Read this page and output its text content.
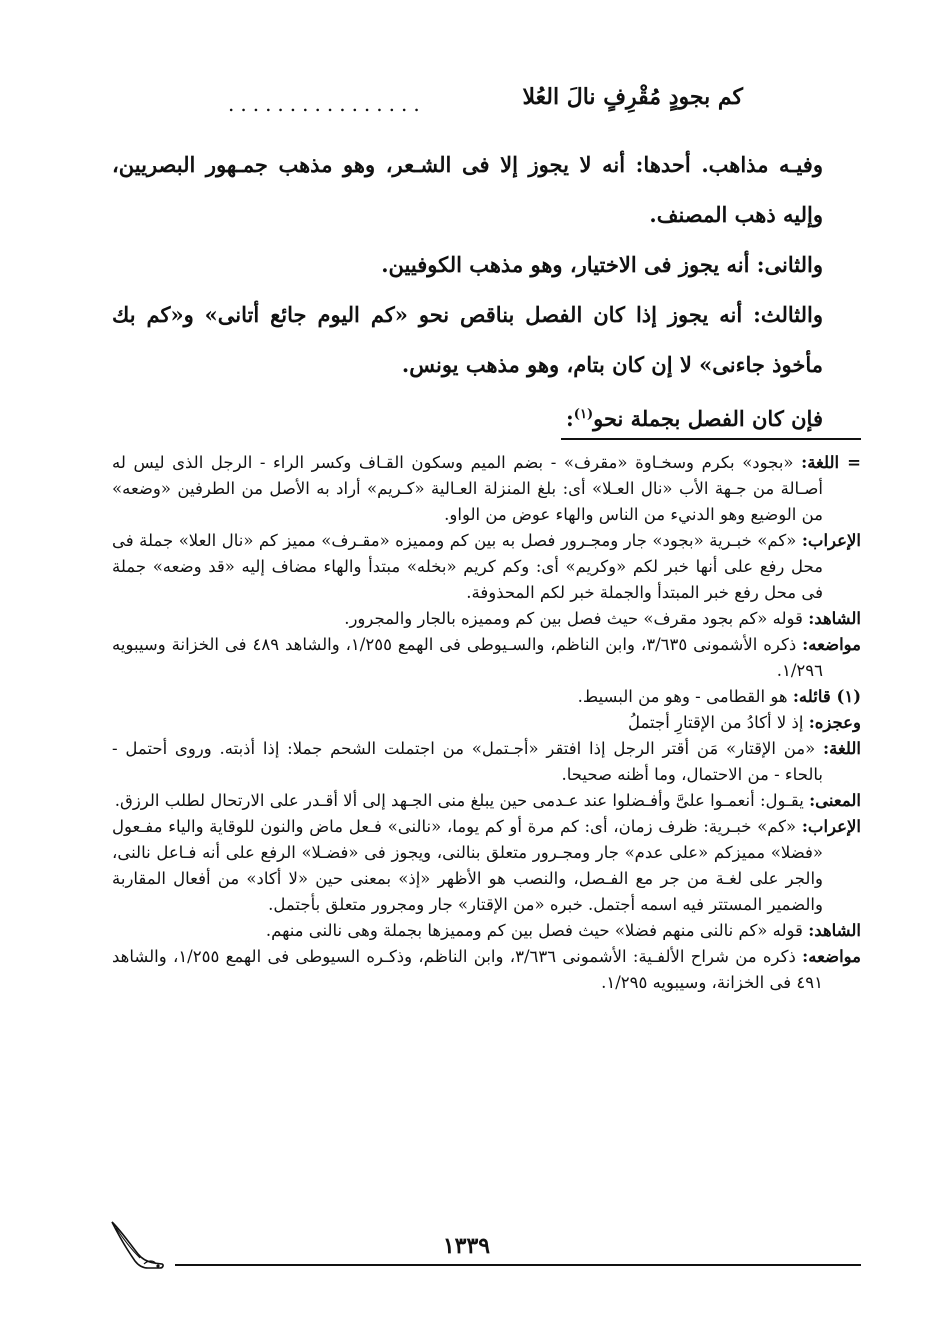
كم بجودٍ مُقْرِفٍ نالَ العُلا
................

وفيـه مذاهب. أحدها: أنه لا يجوز إلا فى الشـعر، وهو مذهب جمـهور البصريين، وإليه ذهب المصنف.

والثانى: أنه يجوز فى الاختيار، وهو مذهب الكوفيين.

والثالث: أنه يجوز إذا كان الفصل بناقص نحو «كم اليوم جائع أتانى» و«كم بك مأخوذ جاءنى» لا إن كان بتام، وهو مذهب يونس.

فإن كان الفصل بجملة نحو$^{(١)}$:

= اللغة: «بجود» بكرم وسخـاوة «مقرف» - بضم الميم وسكون القـاف وكسر الراء - الرجل الذى ليس له أصـالة من جـهة الأب «نال العـلا» أى: بلغ المنزلة العـالية «كـريم» أراد به الأصل من الطرفين «وضعه» من الوضيع وهو الدنيء من الناس والهاء عوض من الواو.

الإعراب: «كم» خبـرية «بجود» جار ومجـرور فصل به بين كم ومميزه «مقـرف» مميز كم «نال العلا» جملة فى محل رفع على أنها خبر لكم «وكريم» أى: وكم كريم «بخله» مبتدأ والهاء مضاف إليه «قد وضعه» جملة فى محل رفع خبر المبتدأ والجملة خبر لكم المحذوفة.

الشاهد: قوله «كم بجود مقرف» حيث فصل بين كم ومميزه بالجار والمجرور.

مواضعه: ذكره الأشمونى ٣/٦٣٥، وابن الناظم، والسـيوطى فى الهمع ١/٢٥٥، والشاهد ٤٨٩ فى الخزانة وسيبويه ١/٢٩٦.

(١) قائله: هو القطامى - وهو من البسيط.

وعجزه: إذ لا أكادُ من الإقتارِ أجتملُ

اللغة: «من الإقتار» مَن أقتر الرجل إذا افتقر «أجـتمل» من اجتملت الشحم جملا: إذا أذبته. وروى أحتمل - بالحاء - من الاحتمال، وما أظنه صحيحا.

المعنى: يقـول: أنعمـوا علىَّ وأفـضلوا عند عـدمى حين يبلغ منى الجـهد إلى ألا أقـدر على الارتحال لطلب الرزق.

الإعراب: «كم» خبـرية: ظرف زمان، أى: كم مرة أو كم يوما، «نالنى» فـعل ماض والنون للوقاية والياء مفـعول «فضلا» مميزكم «على عدم» جار ومجـرور متعلق بنالنى، ويجوز فى «فضـلا» الرفع على أنه فـاعل نالنى، والجر على لغـة من جر مع الفـصل، والنصب هو الأظهر «إذ» بمعنى حين «لا أكاد» من أفعال المقاربة والضمير المستتر فيه اسمه أجتمل. خبره «من الإقتار» جار ومجرور متعلق بأجتمل.

الشاهد: قوله «كم نالنى منهم فضلا» حيث فصل بين كم ومميزها بجملة وهى نالنى منهم.

مواضعه: ذكره من شراح الألفـية: الأشمونى ٣/٦٣٦، وابن الناظم، وذكـره السيوطى فى الهمع ١/٢٥٥، والشاهد ٤٩١ فى الخزانة، وسيبويه ١/٢٩٥.

١٣٣٩
